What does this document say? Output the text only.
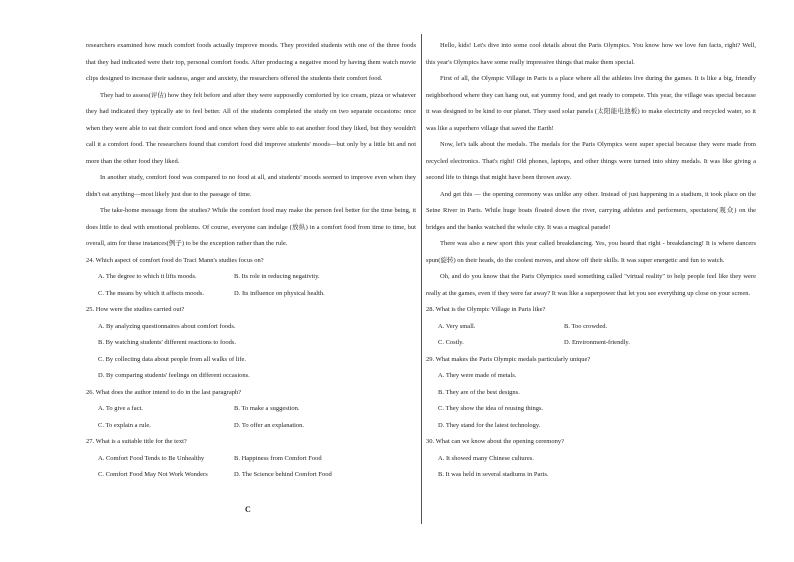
researchers examined how much comfort foods actually improve moods. They provided students with one of the three foods that they had indicated were their top, personal comfort foods. After producing a negative mood by having them watch movie clips designed to increase their sadness, anger and anxiety, the researchers offered the students their comfort food.

They had to assess(评估) how they felt before and after they were supposedly comforted by ice cream, pizza or whatever they had indicated they typically ate to feel better. All of the students completed the study on two separate occasions: once when they were able to eat their comfort food and once when they were able to eat another food they liked, but they wouldn't call it a comfort food. The researchers found that comfort food did improve students' moods—but only by a little bit and not more than the other food they liked.

In another study, comfort food was compared to no food at all, and students' moods seemed to improve even when they didn't eat anything—most likely just due to the passage of time.

The take-home message from the studies? While the comfort food may make the person feel better for the time being, it does little to deal with emotional problems. Of course, everyone can indulge (放纵) in a comfort food from time to time, but overall, aim for these instances(例子) to be the exception rather than the rule.

24. Which aspect of comfort food do Traci Mann's studies focus on?

A. The degree to which it lifts moods.	B. Its role in reducing negativity.
C. The means by which it affects moods.	D. Its influence on physical health.

25. How were the studies carried out?

A. By analyzing questionnaires about comfort foods.
B. By watching students' different reactions to foods.
C. By collecting data about people from all walks of life.
D. By comparing students' feelings on different occasions.

26. What does the author intend to do in the last paragraph?

A. To give a fact.	B. To make a suggestion.
C. To explain a rule.	D. To offer an explanation.

27. What is a suitable title for the text?

A. Comfort Food Tends to Be Unhealthy	B. Happiness from Comfort Food
C. Comfort Food May Not Work Wonders	D. The Science behind Comfort Food
C

Hello, kids! Let's dive into some cool details about the Paris Olympics. You know how we love fun facts, right? Well, this year's Olympics have some really impressive things that make them special.

First of all, the Olympic Village in Paris is a place where all the athletes live during the games. It is like a big, friendly neighborhood where they can hang out, eat yummy food, and get ready to compete. This year, the village was special because it was designed to be kind to our planet. They used solar panels (太阳能电池板) to make electricity and recycled water, so it was like a superhero village that saved the Earth!

Now, let's talk about the medals. The medals for the Paris Olympics were super special because they were made from recycled electronics. That's right! Old phones, laptops, and other things were turned into shiny medals. It was like giving a second life to things that might have been thrown away.

And get this — the opening ceremony was unlike any other. Instead of just happening in a stadium, it took place on the Seine River in Paris. While huge boats floated down the river, carrying athletes and performers, spectators(观众) on the bridges and the banks watched the whole city. It was a magical parade!

There was also a new sport this year called breakdancing. Yes, you heard that right - breakdancing! It is where dancers spun(旋转) on their heads, do the coolest moves, and show off their skills. It was super energetic and fun to watch.

Oh, and do you know that the Paris Olympics used something called "virtual reality" to help people feel like they were really at the games, even if they were far away? It was like a superpower that let you see everything up close on your screen.

28. What is the Olympic Village in Paris like?

A. Very small.	B. Too crowded.
C. Costly.	D. Environment-friendly.

29. What makes the Paris Olympic medals particularly unique?

A. They were made of metals.
B. They are of the best designs.
C. They show the idea of reusing things.
D. They stand for the latest technology.

30. What can we know about the opening ceremony?

A. It showed many Chinese cultures.
B. It was held in several stadiums in Paris.
